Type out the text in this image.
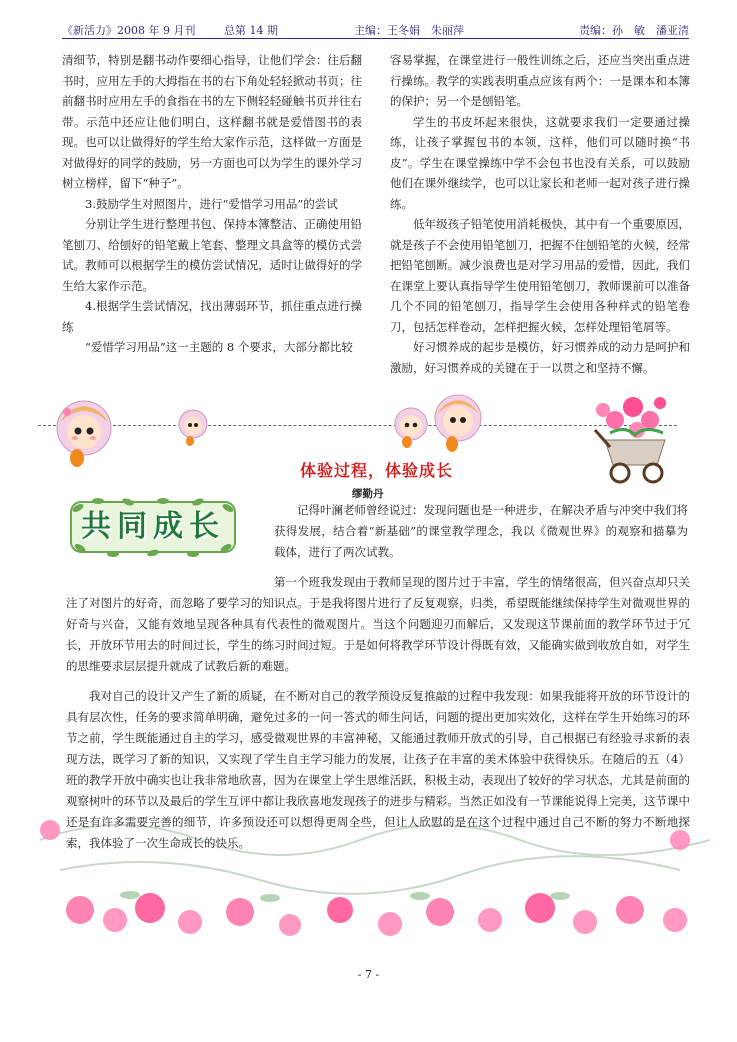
《新活力》2008 年 9 月刊	总第 14 期	主编：王冬娟　朱丽萍	责编：孙　敏　潘亚清

清细节，特别是翻书动作要细心指导，让他们学会：往后翻书时，应用左手的大拇指在书的右下角处轻轻掀动书页；往前翻书时应用左手的食指在书的左下侧轻轻碰触书页并往右带。示范中还应让他们明白，这样翻书就是爱惜图书的表现。也可以让做得好的学生给大家作示范，这样做一方面是对做得好的同学的鼓励，另一方面也可以为学生的课外学习树立榜样，留下“种子”。

3.鼓励学生对照图片，进行“爱惜学习用品”的尝试

分别让学生进行整理书包、保持本簿整洁、正确使用铅笔刨刀、给刨好的铅笔戴上笔套、整理文具盒等的模仿式尝试。教师可以根据学生的模仿尝试情况，适时让做得好的学生给大家作示范。

4.根据学生尝试情况，找出薄弱环节，抓住重点进行操练

“爱惜学习用品”这一主题的 8 个要求，大部分都比较

容易掌握，在课堂进行一般性训练之后，还应当突出重点进行操练。教学的实践表明重点应该有两个：一是课本和本簿的保护；另一个是刨铅笔。

学生的书皮坏起来很快，这就要求我们一定要通过操练，让孩子掌握包书的本领，这样，他们可以随时换“书皮”。学生在课堂操练中学不会包书也没有关系，可以鼓励他们在课外继续学，也可以让家长和老师一起对孩子进行操练。

低年级孩子铅笔使用消耗极快，其中有一个重要原因，就是孩子不会使用铅笔刨刀，把握不住刨铅笔的火候，经常把铅笔刨断。减少浪费也是对学习用品的爱惜，因此，我们在课堂上要认真指导学生使用铅笔刨刀，教师课前可以准备几个不同的铅笔刨刀，指导学生会使用各种样式的铅笔卷刀，包括怎样卷动，怎样把握火候，怎样处理铅笔屑等。

好习惯养成的起步是模仿，好习惯养成的动力是呵护和激励，好习惯养成的关键在于一以贯之和坚持不懈。

体验过程，体验成长
缪勤丹
共同成长	记得叶澜老师曾经说过：发现问题也是一种进步，在解决矛盾与冲突中我们将获得发展，结合着“新基础”的课堂教学理念，我以《微观世界》的观察和描摹为载体，进行了两次试教。

第一个班我发现由于教师呈现的图片过于丰富，学生的情绪很高，但兴奋点却只关注了对图片的好奇，而忽略了要学习的知识点。于是我将图片进行了反复观察，归类，希望既能继续保持学生对微观世界的好奇与兴奋，又能有效地呈现各种具有代表性的微观图片。当这个问题迎刃而解后，又发现这节课前面的教学环节过于冗长，开放环节用去的时间过长，学生的练习时间过短。于是如何将教学环节设计得既有效，又能确实做到收放自如，对学生的思维要求层层提升就成了试教后新的难题。

我对自己的设计又产生了新的质疑，在不断对自己的教学预设反复推敲的过程中我发现：如果我能将开放的环节设计的具有层次性，任务的要求简单明确，避免过多的一问一答式的师生问话，问题的提出更加实效化，这样在学生开始练习的环节之前，学生既能通过自主的学习，感受微观世界的丰富神秘，又能通过教师开放式的引导，自己根据已有经验寻求新的表现方法，既学习了新的知识，又实现了学生自主学习能力的发展，让孩子在丰富的美术体验中获得快乐。在随后的五（4）班的教学开放中确实也让我非常地欣喜，因为在课堂上学生思维活跃，积极主动，表现出了较好的学习状态，尤其是前面的观察树叶的环节以及最后的学生互评中都让我欣喜地发现孩子的进步与精彩。当然正如没有一节课能说得上完美，这节课中还是有许多需要完善的细节，许多预设还可以想得更周全些，但让人欣慰的是在这个过程中通过自己不断的努力不断地探索，我体验了一次生命成长的快乐。

- 7 -
